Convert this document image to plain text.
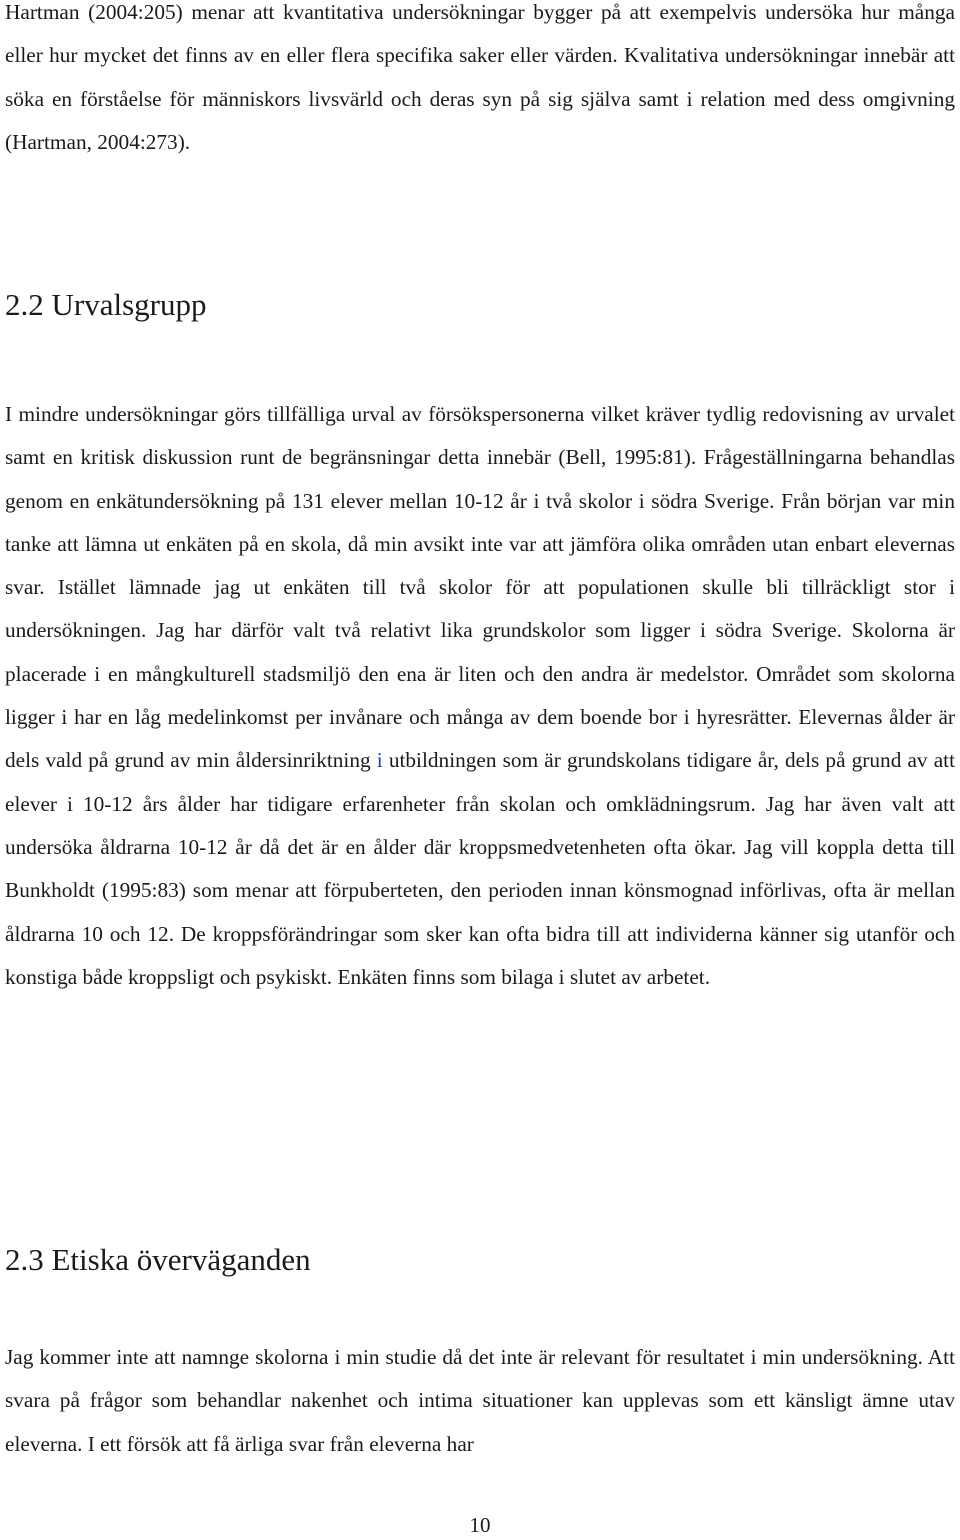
Hartman (2004:205) menar att kvantitativa undersökningar bygger på att exempelvis undersöka hur många eller hur mycket det finns av en eller flera specifika saker eller värden. Kvalitativa undersökningar innebär att söka en förståelse för människors livsvärld och deras syn på sig själva samt i relation med dess omgivning (Hartman, 2004:273).

2.2 Urvalsgrupp

I mindre undersökningar görs tillfälliga urval av försökspersonerna vilket kräver tydlig redovisning av urvalet samt en kritisk diskussion runt de begränsningar detta innebär (Bell, 1995:81). Frågeställningarna behandlas genom en enkätundersökning på 131 elever mellan 10-12 år i två skolor i södra Sverige. Från början var min tanke att lämna ut enkäten på en skola, då min avsikt inte var att jämföra olika områden utan enbart elevernas svar. Istället lämnade jag ut enkäten till två skolor för att populationen skulle bli tillräckligt stor i undersökningen. Jag har därför valt två relativt lika grundskolor som ligger i södra Sverige. Skolorna är placerade i en mångkulturell stadsmiljö den ena är liten och den andra är medelstor. Området som skolorna ligger i har en låg medelinkomst per invånare och många av dem boende bor i hyresrätter. Elevernas ålder är dels vald på grund av min åldersinriktning i utbildningen som är grundskolans tidigare år, dels på grund av att elever i 10-12 års ålder har tidigare erfarenheter från skolan och omklädningsrum. Jag har även valt att undersöka åldrarna 10-12 år då det är en ålder där kroppsmedvetenheten ofta ökar. Jag vill koppla detta till Bunkholdt (1995:83) som menar att förpuberteten, den perioden innan könsmognad införlivas, ofta är mellan åldrarna 10 och 12. De kroppsförändringar som sker kan ofta bidra till att individerna känner sig utanför och konstiga både kroppsligt och psykiskt. Enkäten finns som bilaga i slutet av arbetet.

2.3 Etiska överväganden

Jag kommer inte att namnge skolorna i min studie då det inte är relevant för resultatet i min undersökning. Att svara på frågor som behandlar nakenhet och intima situationer kan upplevas som ett känsligt ämne utav eleverna. I ett försök att få ärliga svar från eleverna har

10
